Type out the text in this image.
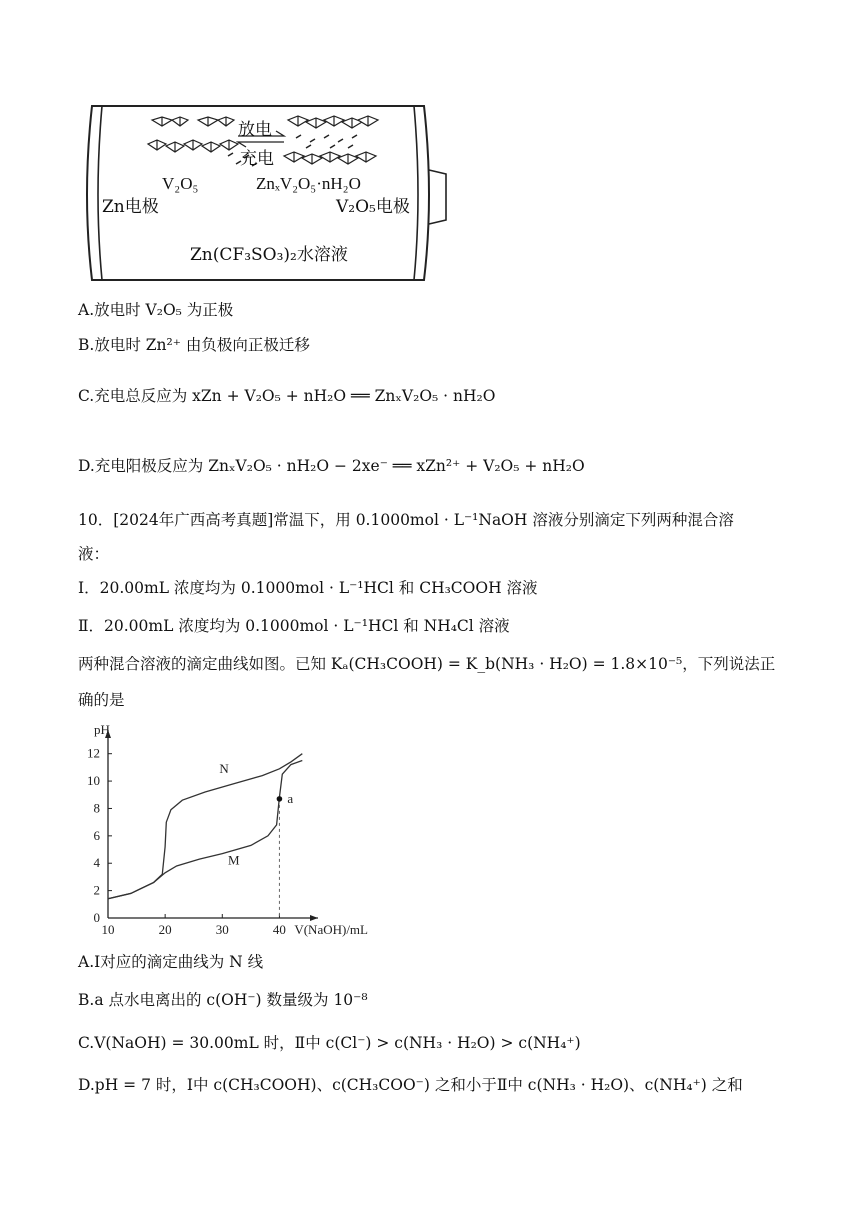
放电
充电
V₂O₅	ZnₓV₂O₅·nH₂O
Zn电极	V₂O₅电极
Zn(CF₃SO₃)₂水溶液
A.放电时 V₂O₅ 为正极
B.放电时 Zn²⁺ 由负极向正极迁移
C.充电总反应为 xZn + V₂O₅ + nH₂O ══ ZnₓV₂O₅ · nH₂O
D.充电阳极反应为 ZnₓV₂O₅ · nH₂O − 2xe⁻ ══ xZn²⁺ + V₂O₅ + nH₂O
10．[2024年广西高考真题]常温下，用 0.1000mol · L⁻¹NaOH 溶液分别滴定下列两种混合溶
液：
Ⅰ．20.00mL 浓度均为 0.1000mol · L⁻¹HCl 和 CH₃COOH 溶液
Ⅱ．20.00mL 浓度均为 0.1000mol · L⁻¹HCl 和 NH₄Cl 溶液
两种混合溶液的滴定曲线如图。已知 Kₐ(CH₃COOH) = K_b(NH₃ · H₂O) = 1.8×10⁻⁵，下列说法正
确的是
10	20	30	40
0
2
4
6
8
10
12
pH
V(NaOH)/mL
N
M
a
A.Ⅰ对应的滴定曲线为 N 线
B.a 点水电离出的 c(OH⁻) 数量级为 10⁻⁸
C.V(NaOH) = 30.00mL 时，Ⅱ中 c(Cl⁻) > c(NH₃ · H₂O) > c(NH₄⁺)
D.pH = 7 时，Ⅰ中 c(CH₃COOH)、c(CH₃COO⁻) 之和小于Ⅱ中 c(NH₃ · H₂O)、c(NH₄⁺) 之和
